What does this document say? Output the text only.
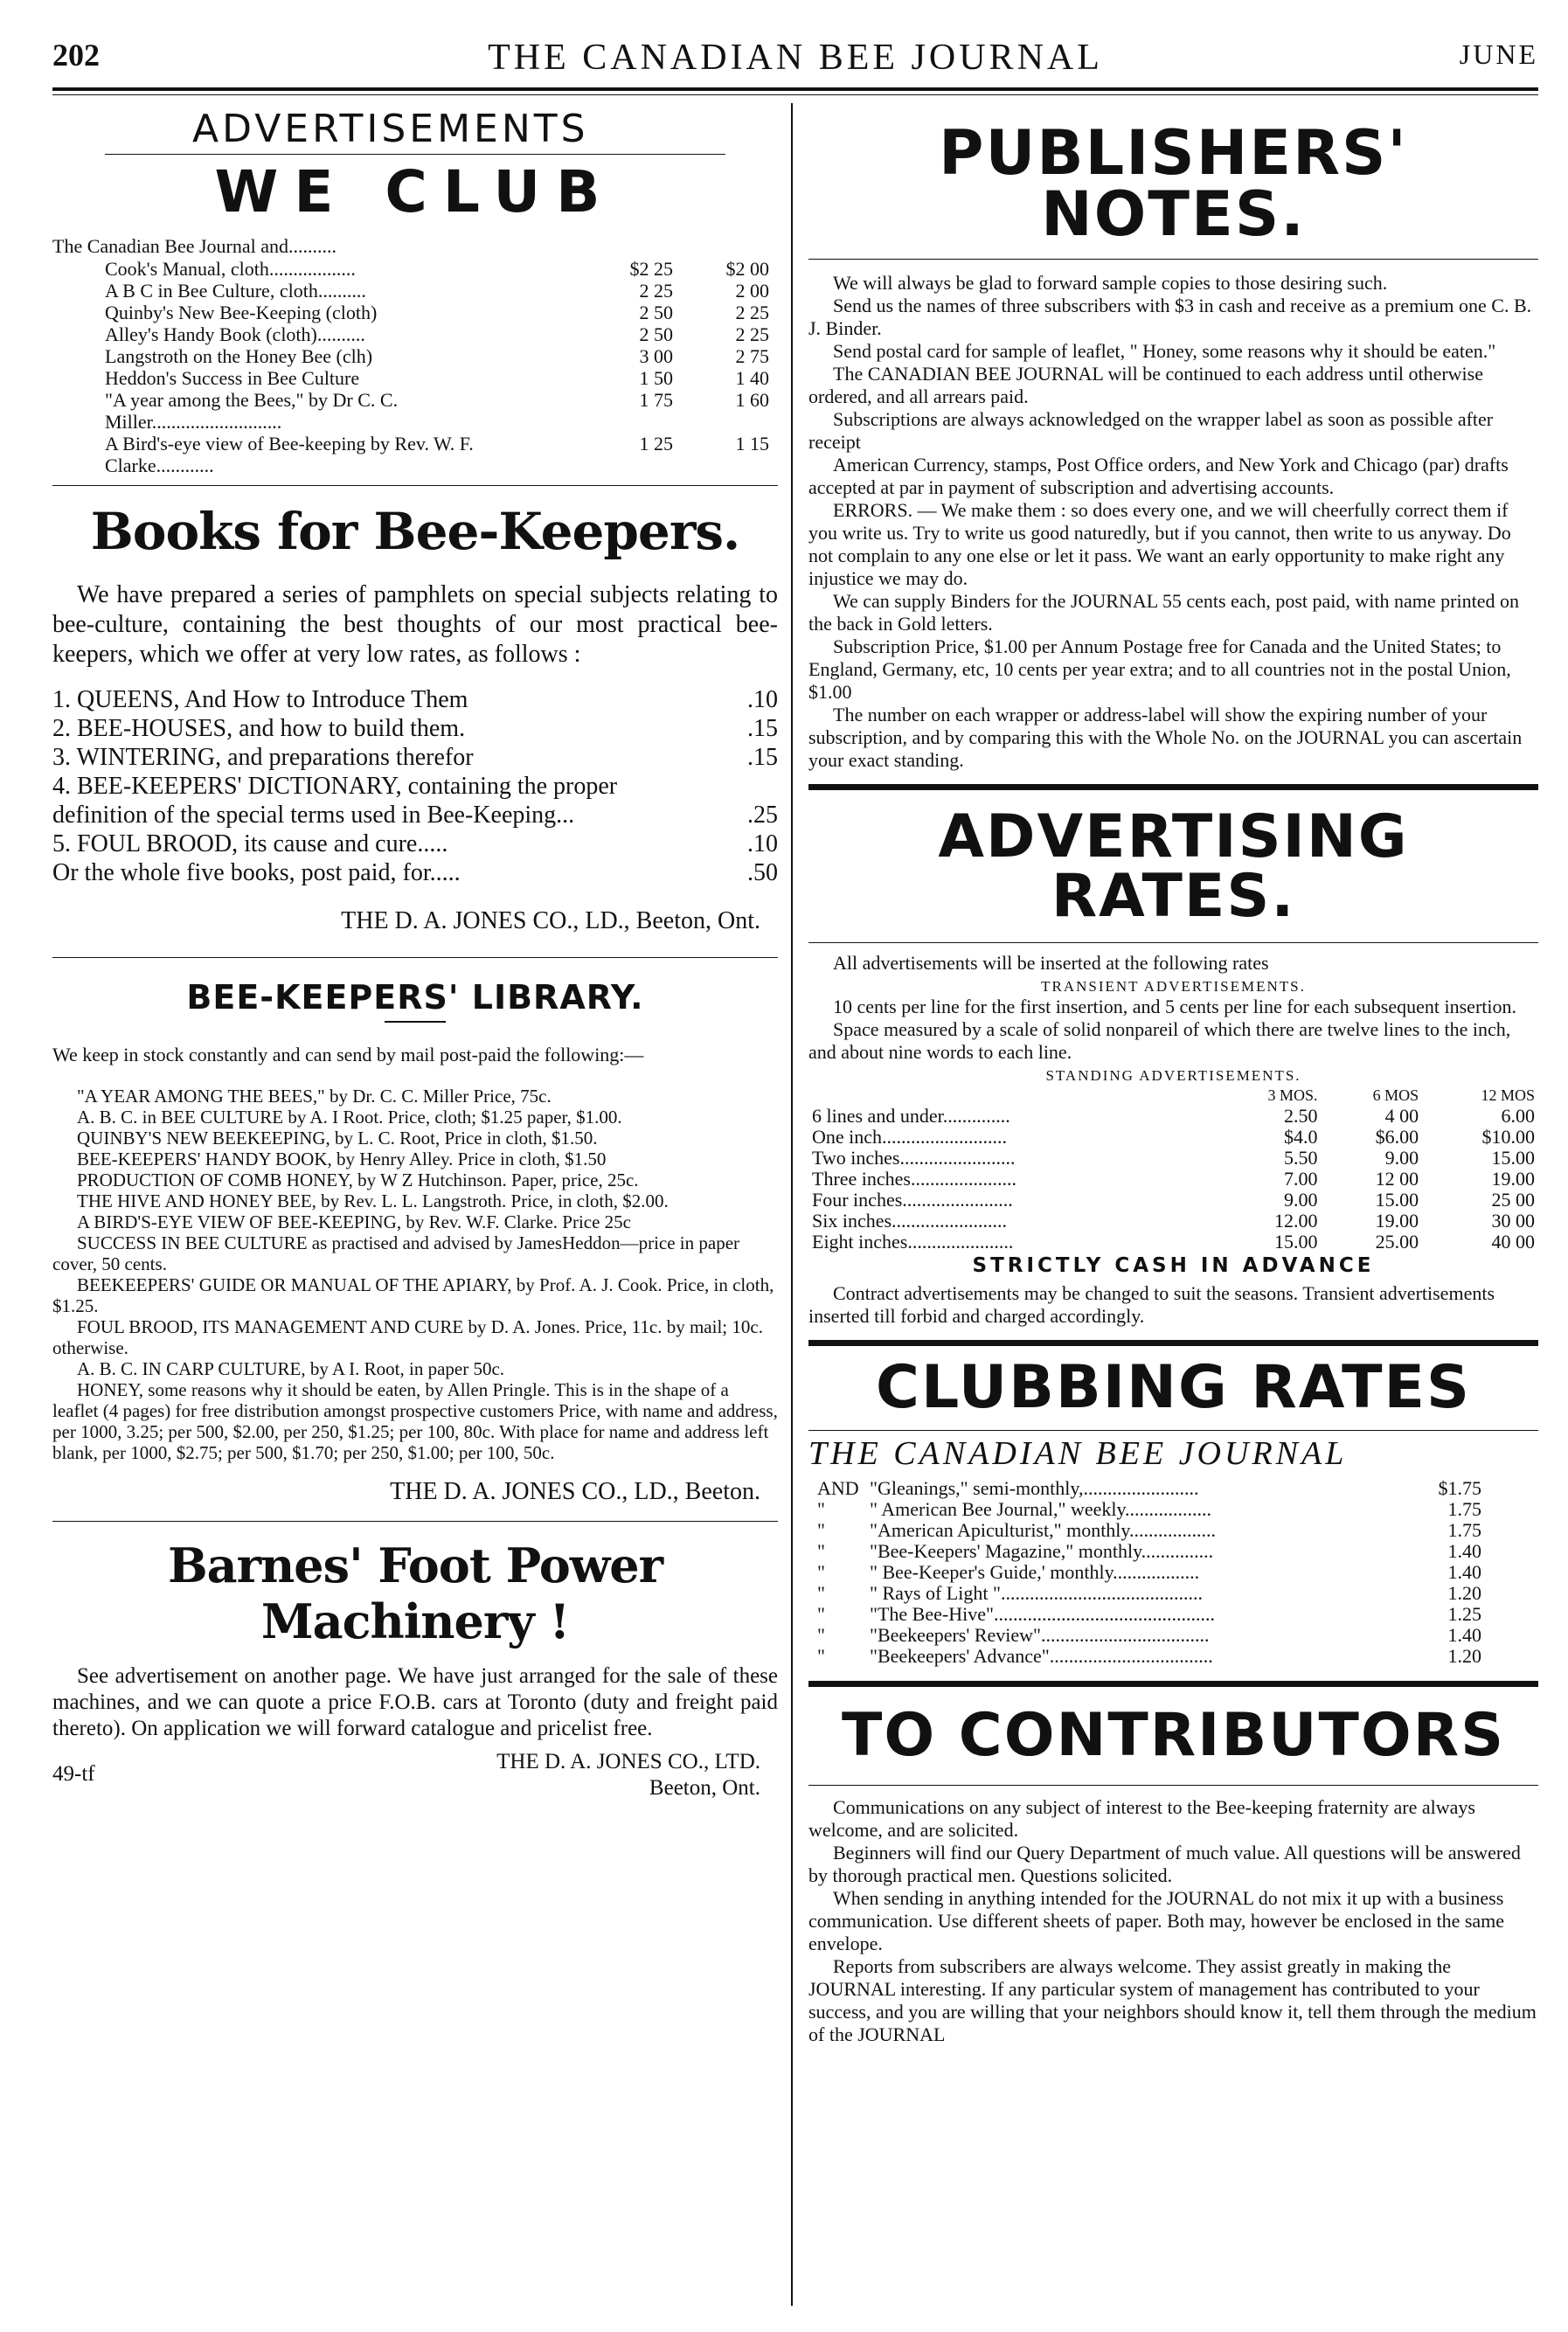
202	THE CANADIAN BEE JOURNAL	JUNE
ADVERTISEMENTS
WE CLUB

The Canadian Bee Journal and..........

Cook's Manual, cloth..................	$2 25	$2 00
A B C in Bee Culture, cloth..........	2 25	2 00
Quinby's New Bee-Keeping (cloth)	2 50	2 25
Alley's Handy Book (cloth)..........	2 50	2 25
Langstroth on the Honey Bee (clh)	3 00	2 75
Heddon's Success in Bee Culture	1 50	1 40
"A year among the Bees," by Dr C. C. Miller...........................	1 75	1 60
A Bird's-eye view of Bee-keeping by Rev. W. F. Clarke............	1 25	1 15
Books for Bee-Keepers.

We have prepared a series of pamphlets on special subjects relating to bee-culture, containing the best thoughts of our most practical bee-keepers, which we offer at very low rates, as follows :

1. QUEENS, And How to Introduce Them	.10
2. BEE-HOUSES, and how to build them.	.15
3. WINTERING, and preparations therefor	.15
4. BEE-KEEPERS' DICTIONARY, containing the proper definition of the special terms used in Bee-Keeping...	.25
5. FOUL BROOD, its cause and cure.....	.10
Or the whole five books, post paid, for.....	.50

THE D. A. JONES CO., LD., Beeton, Ont.

BEE-KEEPERS' LIBRARY.

We keep in stock constantly and can send by mail post-paid the following:—

"A YEAR AMONG THE BEES," by Dr. C. C. Miller Price, 75c.

A. B. C. in BEE CULTURE by A. I Root. Price, cloth; $1.25 paper, $1.00.

QUINBY'S NEW BEEKEEPING, by L. C. Root, Price in cloth, $1.50.

BEE-KEEPERS' HANDY BOOK, by Henry Alley. Price in cloth, $1.50

PRODUCTION OF COMB HONEY, by W Z Hutchinson. Paper, price, 25c.

THE HIVE AND HONEY BEE, by Rev. L. L. Langstroth. Price, in cloth, $2.00.

A BIRD'S-EYE VIEW OF BEE-KEEPING, by Rev. W.F. Clarke. Price 25c

SUCCESS IN BEE CULTURE as practised and advised by JamesHeddon—price in paper cover, 50 cents.

BEEKEEPERS' GUIDE OR MANUAL OF THE APIARY, by Prof. A. J. Cook. Price, in cloth, $1.25.

FOUL BROOD, ITS MANAGEMENT AND CURE by D. A. Jones. Price, 11c. by mail; 10c. otherwise.

A. B. C. IN CARP CULTURE, by A I. Root, in paper 50c.

HONEY, some reasons why it should be eaten, by Allen Pringle. This is in the shape of a leaflet (4 pages) for free distribution amongst prospective customers Price, with name and address, per 1000, 3.25; per 500, $2.00, per 250, $1.25; per 100, 80c. With place for name and address left blank, per 1000, $2.75; per 500, $1.70; per 250, $1.00; per 100, 50c.

THE D. A. JONES CO., LD., Beeton.

Barnes' Foot Power Machinery !

See advertisement on another page. We have just arranged for the sale of these machines, and we can quote a price F.O.B. cars at Toronto (duty and freight paid thereto). On application we will forward catalogue and pricelist free.

49-tf
THE D. A. JONES CO., LTD.
Beeton, Ont.
PUBLISHERS' NOTES.

We will always be glad to forward sample copies to those desiring such.

Send us the names of three subscribers with $3 in cash and receive as a premium one C. B. J. Binder.

Send postal card for sample of leaflet, " Honey, some reasons why it should be eaten."

The CANADIAN BEE JOURNAL will be continued to each address until otherwise ordered, and all arrears paid.

Subscriptions are always acknowledged on the wrapper label as soon as possible after receipt

American Currency, stamps, Post Office orders, and New York and Chicago (par) drafts accepted at par in payment of subscription and advertising accounts.

ERRORS. — We make them : so does every one, and we will cheerfully correct them if you write us. Try to write us good naturedly, but if you cannot, then write to us anyway. Do not complain to any one else or let it pass. We want an early opportunity to make right any injustice we may do.

We can supply Binders for the JOURNAL 55 cents each, post paid, with name printed on the back in Gold letters.

Subscription Price, $1.00 per Annum Postage free for Canada and the United States; to England, Germany, etc, 10 cents per year extra; and to all countries not in the postal Union, $1.00

The number on each wrapper or address-label will show the expiring number of your subscription, and by comparing this with the Whole No. on the JOURNAL you can ascertain your exact standing.

ADVERTISING RATES.

All advertisements will be inserted at the following rates

TRANSIENT ADVERTISEMENTS.

10 cents per line for the first insertion, and 5 cents per line for each subsequent insertion.

Space measured by a scale of solid nonpareil of which there are twelve lines to the inch, and about nine words to each line.

STANDING ADVERTISEMENTS.

	3 MOS.	6 MOS	12 MOS
6 lines and under..............	2.50	4 00	6.00
One inch..........................	$4.0	$6.00	$10.00
Two inches........................	5.50	9.00	15.00
Three inches......................	7.00	12 00	19.00
Four inches.......................	9.00	15.00	25 00
Six inches........................	12.00	19.00	30 00
Eight inches......................	15.00	25.00	40 00

STRICTLY CASH IN ADVANCE

Contract advertisements may be changed to suit the seasons. Transient advertisements inserted till forbid and charged accordingly.

CLUBBING RATES

THE CANADIAN BEE JOURNAL

AND	"Gleanings," semi-monthly,........................	$1.75
"	" American Bee Journal," weekly..................	1.75
"	"American Apiculturist," monthly..................	1.75
"	"Bee-Keepers' Magazine," monthly...............	1.40
"	" Bee-Keeper's Guide,' monthly..................	1.40
"	" Rays of Light "..........................................	1.20
"	"The Bee-Hive"..............................................	1.25
"	"Beekeepers' Review"...................................	1.40
"	"Beekeepers' Advance"..................................	1.20
TO CONTRIBUTORS

Communications on any subject of interest to the Bee-keeping fraternity are always welcome, and are solicited.

Beginners will find our Query Department of much value. All questions will be answered by thorough practical men. Questions solicited.

When sending in anything intended for the JOURNAL do not mix it up with a business communication. Use different sheets of paper. Both may, however be enclosed in the same envelope.

Reports from subscribers are always welcome. They assist greatly in making the JOURNAL interesting. If any particular system of management has contributed to your success, and you are willing that your neighbors should know it, tell them through the medium of the JOURNAL
